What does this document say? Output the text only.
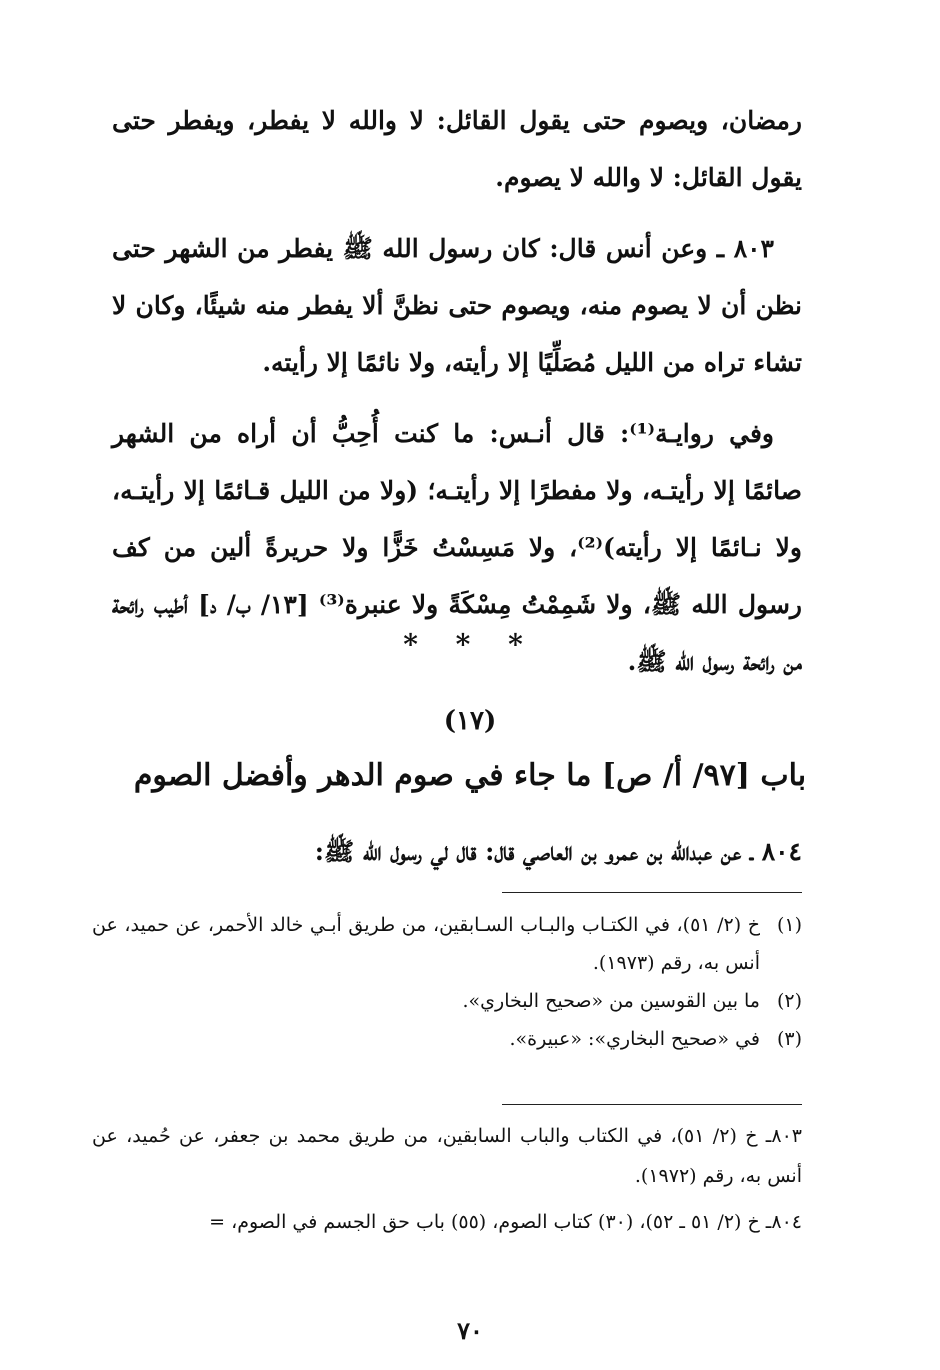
رمضان، ويصوم حتى يقول القائل: لا والله لا يفطر، ويفطر حتى يقول القائل: لا والله لا يصوم.

٨٠٣ ـ وعن أنس قال: كان رسول الله ﷺ يفطر من الشهر حتى نظن أن لا يصوم منه، ويصوم حتى نظنَّ ألا يفطر منه شيئًا، وكان لا تشاء تراه من الليل مُصَلِّيًا إلا رأيته، ولا نائمًا إلا رأيته.

وفي روايـة⁽¹⁾: قال أنـس: ما كنت أُحِبُّ أن أراه من الشهر صائمًا إلا رأيتـه، ولا مفطرًا إلا رأيتـه؛ (ولا من الليل قـائمًا إلا رأيتـه، ولا نـائمًا إلا رأيته)⁽²⁾، ولا مَسِسْتُ خَزًّا ولا حريرةً ألين من كف رسول الله ﷺ، ولا شَمِمْتُ مِسْكَةً ولا عنبرة⁽³⁾ [١٣/ ب/ د] أطيب رائحة من رائحة رسول الله ﷺ.

* * *
(١٧)
باب [٩٧/ أ/ ص] ما جاء في صوم الدهر وأفضل الصوم
٨٠٤ ـ عن عبدالله بن عمرو بن العاصي قال: قال لي رسول الله ﷺ:
(١)
خ (٢/ ٥١)، في الكتـاب والبـاب السـابقين، من طريق أبـي خالد الأحمر، عن حميد، عن أنس به، رقم (١٩٧٣).
(٢)
ما بين القوسين من «صحيح البخاري».
(٣)
في «صحيح البخاري»: «عبيرة».

٨٠٣ـ خ (٢/ ٥١)، في الكتاب والباب السابقين، من طريق محمد بن جعفر، عن حُميد، عن أنس به، رقم (١٩٧٢).

٨٠٤ـ خ (٢/ ٥١ ـ ٥٢)، (٣٠) كتاب الصوم، (٥٥) باب حق الجسم في الصوم، =

٧٠
